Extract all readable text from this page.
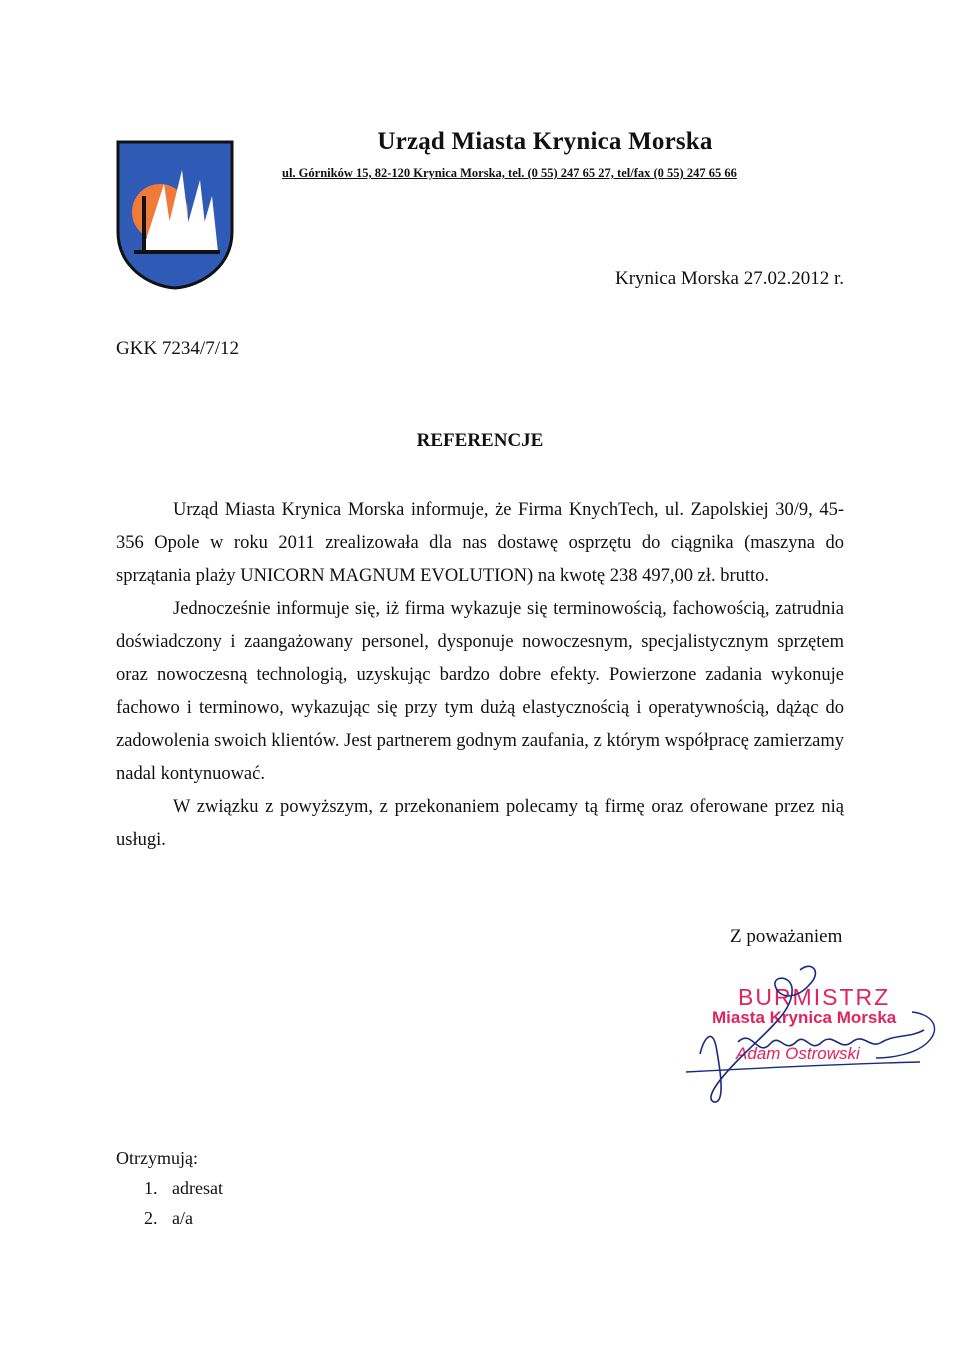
Urząd Miasta Krynica Morska
ul. Górników 15, 82-120 Krynica Morska, tel. (0 55) 247 65 27, tel/fax (0 55) 247 65 66
Krynica Morska 27.02.2012 r.
GKK 7234/7/12
REFERENCJE

Urząd Miasta Krynica Morska informuje, że Firma KnychTech, ul. Zapolskiej 30/9, 45-356 Opole w roku 2011 zrealizowała dla nas dostawę osprzętu do ciągnika (maszyna do sprzątania plaży UNICORN MAGNUM EVOLUTION) na kwotę 238 497,00 zł. brutto.

Jednocześnie informuje się, iż firma wykazuje się terminowością, fachowością, zatrudnia doświadczony i zaangażowany personel, dysponuje nowoczesnym, specjalistycznym sprzętem oraz nowoczesną technologią, uzyskując bardzo dobre efekty. Powierzone zadania wykonuje fachowo i terminowo, wykazując się przy tym dużą elastycznością i operatywnością, dążąc do zadowolenia swoich klientów. Jest partnerem godnym zaufania, z którym współpracę zamierzamy nadal kontynuować.

W związku z powyższym, z przekonaniem polecamy tą firmę oraz oferowane przez nią usługi.

Z poważaniem
BURMISTRZ
Miasta Krynica Morska
Adam Ostrowski
Otrzymują:
1. adresat
2. a/a
